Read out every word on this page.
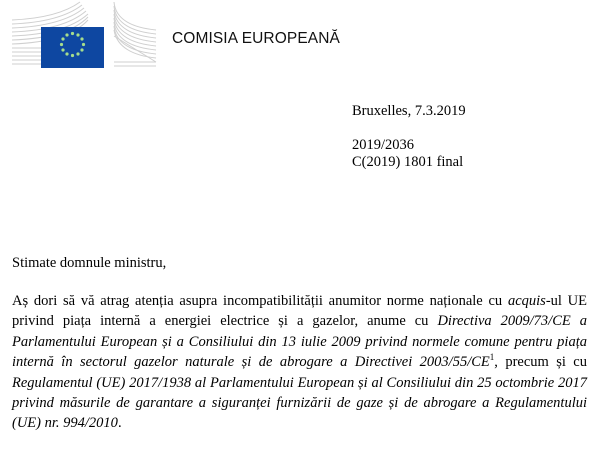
COMISIA EUROPEANĂ
Bruxelles, 7.3.2019
2019/2036
C(2019) 1801 final
Stimate domnule ministru,
Aș dori să vă atrag atenția asupra incompatibilității anumitor norme naționale cu acquis-ul UE privind piața internă a energiei electrice și a gazelor, anume cu Directiva 2009/73/CE a Parlamentului European și a Consiliului din 13 iulie 2009 privind normele comune pentru piața internă în sectorul gazelor naturale și de abrogare a Directivei $2003/55/CE^1$, precum și cu Regulamentul (UE) 2017/1938 al Parlamentului European și al Consiliului din 25 octombrie 2017 privind măsurile de garantare a siguranței furnizării de gaze și de abrogare a Regulamentului (UE) nr. 994/2010.
